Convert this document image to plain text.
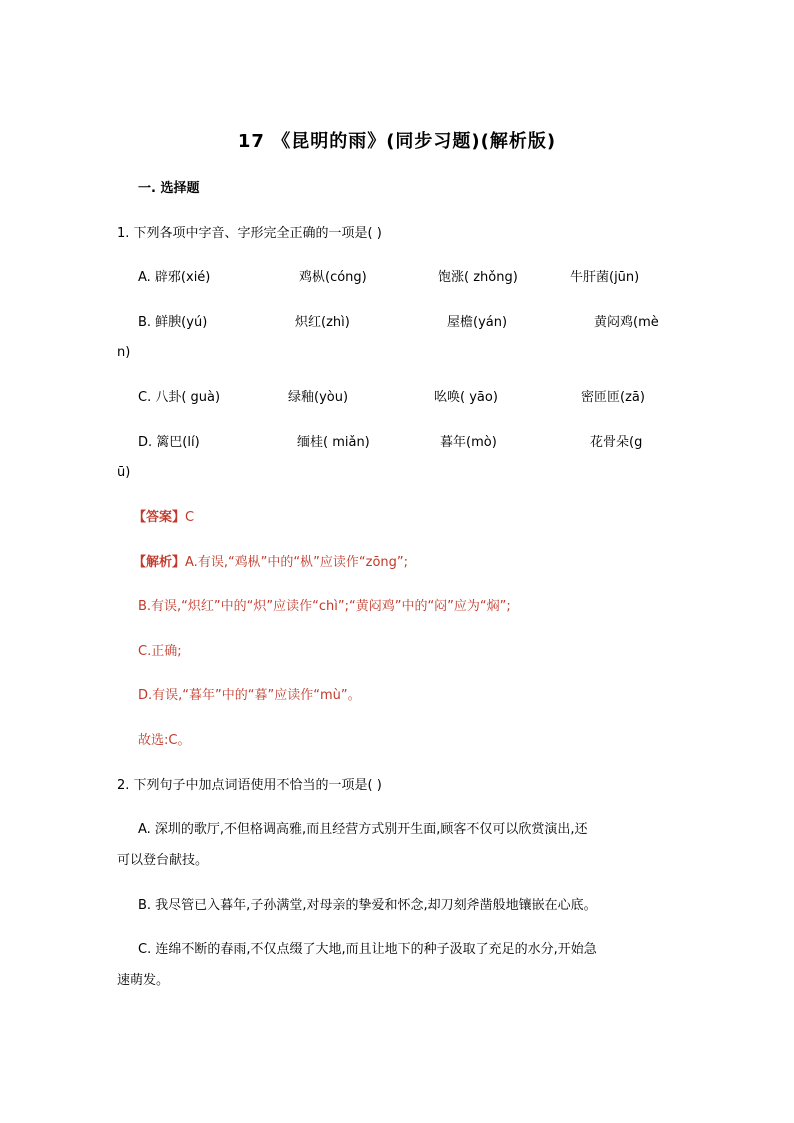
17 《昆明的雨》(同步习题)(解析版)
一. 选择题
1. 下列各项中字音、字形完全正确的一项是( )
A. 辟邪(xié)	鸡枞(cóng)	饱涨( zhǒng)	牛肝菌(jūn)
B. 鲜腴(yú)	炽红(zhì)	屋檐(yán)	黄闷鸡(mè
n)
C. 八卦( guà)	绿釉(yòu)	吆唤( yāo)	密匝匝(zā)
D. 篱巴(lí)	缅桂( miǎn)	暮年(mò)	花骨朵(g
ū)
【答案】C
【解析】A.有误,“鸡枞”中的“枞”应读作“zōng”;
B.有误,“炽红”中的“炽”应读作“chì”;“黄闷鸡”中的“闷”应为“焖”;
C.正确;
D.有误,“暮年”中的“暮”应读作“mù”。
故选:C。
2. 下列句子中加点词语使用不恰当的一项是( )
A. 深圳的歌厅,不但格调高雅,而且经营方式别开生面,顾客不仅可以欣赏演出,还
可以登台献技。
B. 我尽管已入暮年,子孙满堂,对母亲的挚爱和怀念,却刀刻斧凿般地镶嵌在心底。
C. 连绵不断的春雨,不仅点缀了大地,而且让地下的种子汲取了充足的水分,开始急
速萌发。
